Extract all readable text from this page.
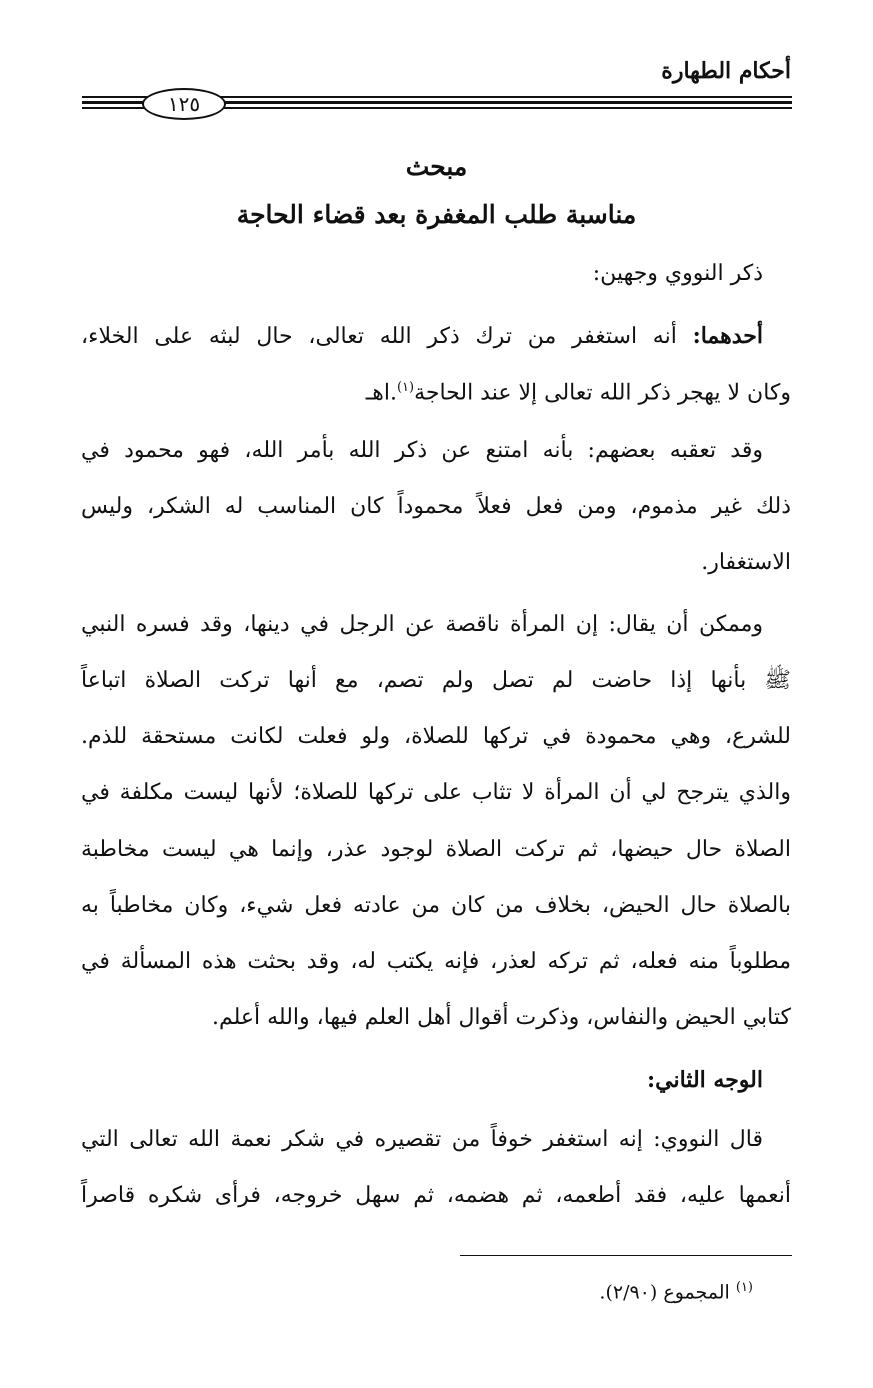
أحكام الطهارة
١٢٥
مبحث
مناسبة طلب المغفرة بعد قضاء الحاجة
ذكر النووي وجهين:
أحدهما: أنه استغفر من ترك ذكر الله تعالى، حال لبثه على الخلاء،
وكان لا يهجر ذكر الله تعالى إلا عند الحاجة$^{(١)}$.اهـ
وقد تعقبه بعضهم: بأنه امتنع عن ذكر الله بأمر الله، فهو محمود في
ذلك غير مذموم، ومن فعل فعلاً محموداً كان المناسب له الشكر، وليس
الاستغفار.
وممكن أن يقال: إن المرأة ناقصة عن الرجل في دينها، وقد فسره النبي
ﷺ بأنها إذا حاضت لم تصل ولم تصم، مع أنها تركت الصلاة اتباعاً
للشرع، وهي محمودة في تركها للصلاة، ولو فعلت لكانت مستحقة للذم.
والذي يترجح لي أن المرأة لا تثاب على تركها للصلاة؛ لأنها ليست مكلفة في
الصلاة حال حيضها، ثم تركت الصلاة لوجود عذر، وإنما هي ليست مخاطبة
بالصلاة حال الحيض، بخلاف من كان من عادته فعل شيء، وكان مخاطباً به
مطلوباً منه فعله، ثم تركه لعذر، فإنه يكتب له، وقد بحثت هذه المسألة في
كتابي الحيض والنفاس، وذكرت أقوال أهل العلم فيها، والله أعلم.
الوجه الثاني:
قال النووي: إنه استغفر خوفاً من تقصيره في شكر نعمة الله تعالى التي
أنعمها عليه، فقد أطعمه، ثم هضمه، ثم سهل خروجه، فرأى شكره قاصراً
$^{(١)}$ المجموع (٢/٩٠).
